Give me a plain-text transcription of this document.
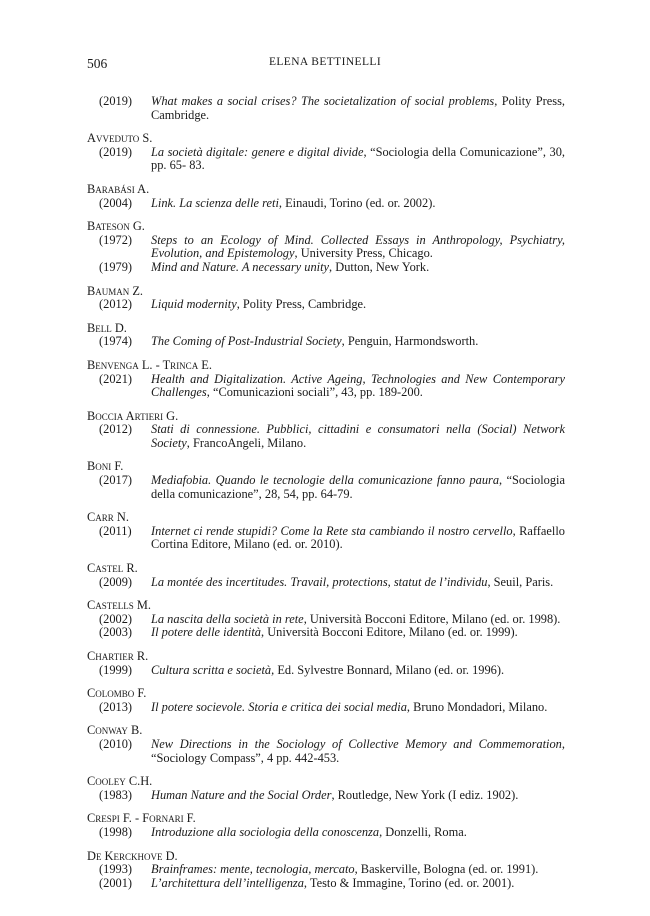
506	ELENA BETTINELLI
(2019)	What makes a social crises? The societalization of social problems, Polity Press, Cambridge.
Avveduto S.
(2019)	La società digitale: genere e digital divide, “Sociologia della Comunicazione”, 30, pp. 65- 83.
Barabási A.
(2004)	Link. La scienza delle reti, Einaudi, Torino (ed. or. 2002).
Bateson G.
(1972)	Steps to an Ecology of Mind. Collected Essays in Anthropology, Psychiatry, Evolution, and Epistemology, University Press, Chicago.
(1979)	Mind and Nature. A necessary unity, Dutton, New York.
Bauman Z.
(2012)	Liquid modernity, Polity Press, Cambridge.
Bell D.
(1974)	The Coming of Post-Industrial Society, Penguin, Harmondsworth.
Benvenga L. - Trinca E.
(2021)	Health and Digitalization. Active Ageing, Technologies and New Contemporary Challenges, “Comunicazioni sociali”, 43, pp. 189-200.
Boccia Artieri G.
(2012)	Stati di connessione. Pubblici, cittadini e consumatori nella (Social) Network Society, FrancoAngeli, Milano.
Boni F.
(2017)	Mediafobia. Quando le tecnologie della comunicazione fanno paura, “Sociologia della comunicazione”, 28, 54, pp. 64-79.
Carr N.
(2011)	Internet ci rende stupidi? Come la Rete sta cambiando il nostro cervello, Raffaello Cortina Editore, Milano (ed. or. 2010).
Castel R.
(2009)	La montée des incertitudes. Travail, protections, statut de l’individu, Seuil, Paris.
Castells M.
(2002)	La nascita della società in rete, Università Bocconi Editore, Milano (ed. or. 1998).
(2003)	Il potere delle identità, Università Bocconi Editore, Milano (ed. or. 1999).
Chartier R.
(1999)	Cultura scritta e società, Ed. Sylvestre Bonnard, Milano (ed. or. 1996).
Colombo F.
(2013)	Il potere socievole. Storia e critica dei social media, Bruno Mondadori, Milano.
Conway B.
(2010)	New Directions in the Sociology of Collective Memory and Commemoration, “Sociology Compass”, 4 pp. 442-453.
Cooley C.H.
(1983)	Human Nature and the Social Order, Routledge, New York (I ediz. 1902).
Crespi F. - Fornari F.
(1998)	Introduzione alla sociologia della conoscenza, Donzelli, Roma.
De Kerckhove D.
(1993)	Brainframes: mente, tecnologia, mercato, Baskerville, Bologna (ed. or. 1991).
(2001)	L’architettura dell’intelligenza, Testo & Immagine, Torino (ed. or. 2001).
